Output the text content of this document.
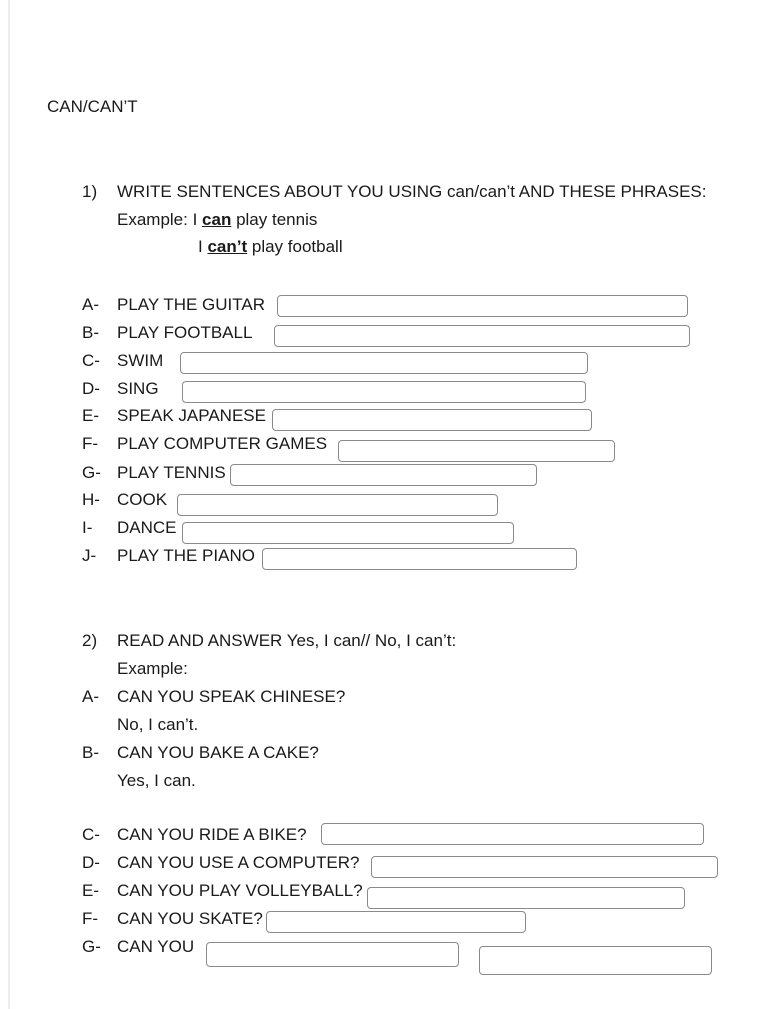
CAN/CAN’T
1) WRITE SENTENCES ABOUT YOU USING can/can’t AND THESE PHRASES:
Example: I can play tennis
I can’t play football
A- PLAY THE GUITAR
B- PLAY FOOTBALL
C- SWIM
D- SING
E- SPEAK JAPANESE
F- PLAY COMPUTER GAMES
G- PLAY TENNIS
H- COOK
I- DANCE
J- PLAY THE PIANO
2) READ AND ANSWER Yes, I can// No, I can’t:
Example:
A- CAN YOU SPEAK CHINESE?
No, I can’t.
B- CAN YOU BAKE A CAKE?
Yes, I can.
C- CAN YOU RIDE A BIKE?
D- CAN YOU USE A COMPUTER?
E- CAN YOU PLAY VOLLEYBALL?
F- CAN YOU SKATE?
G- CAN YOU
